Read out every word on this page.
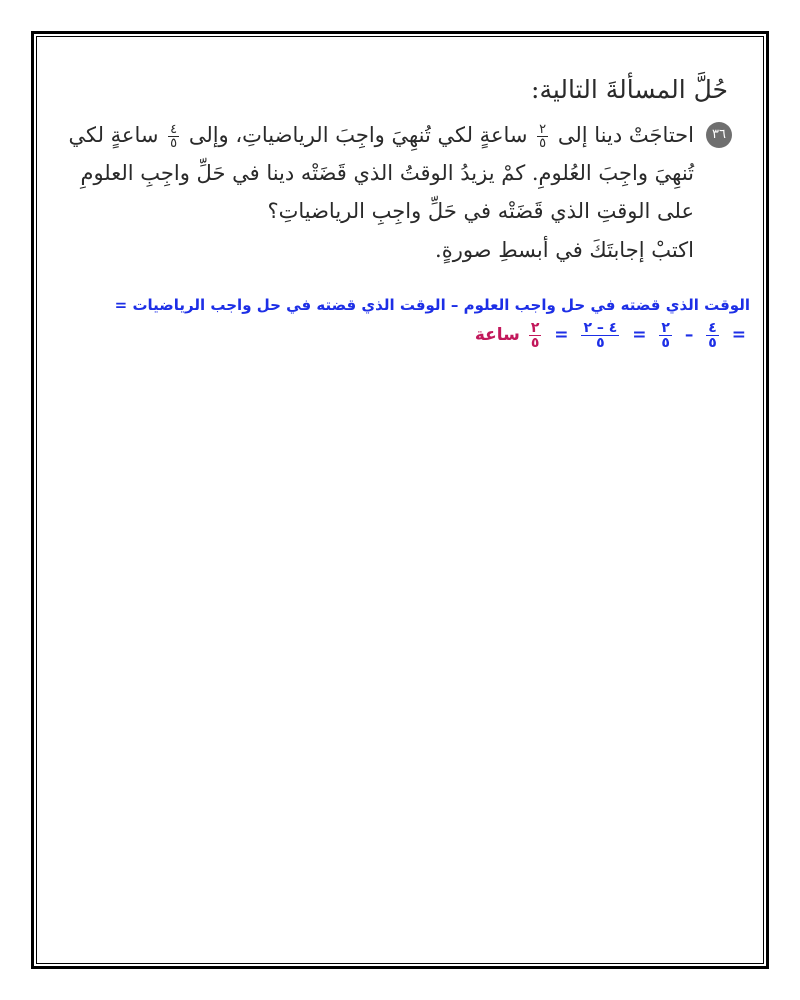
حُلَّ المسألةَ التالية:
٣٦
احتاجَتْ دينا إلى
$\frac{٢}{٥}$
ساعةٍ لكي تُنهِيَ واجِبَ الرياضياتِ، وإلى
$\frac{٤}{٥}$
ساعةٍ لكي تُنهِيَ واجِبَ العُلومِ. كمْ يزيدُ الوقتُ الذي قَضَتْه دينا في حَلِّ واجِبِ العلومِ على الوقتِ الذي قَضَتْه في حَلِّ واجِبِ الرياضياتِ؟
اكتبْ إجابتَكَ في أبسطِ صورةٍ.
الوقت الذي قضته في حل واجب العلوم – الوقت الذي قضته في حل واجب الرياضيات =
=
$\frac{٤}{٥}$
–
$\frac{٢}{٥}$
=
$\frac{٤ - ٢}{٥}$
=
$\frac{٢}{٥}$
ساعة
